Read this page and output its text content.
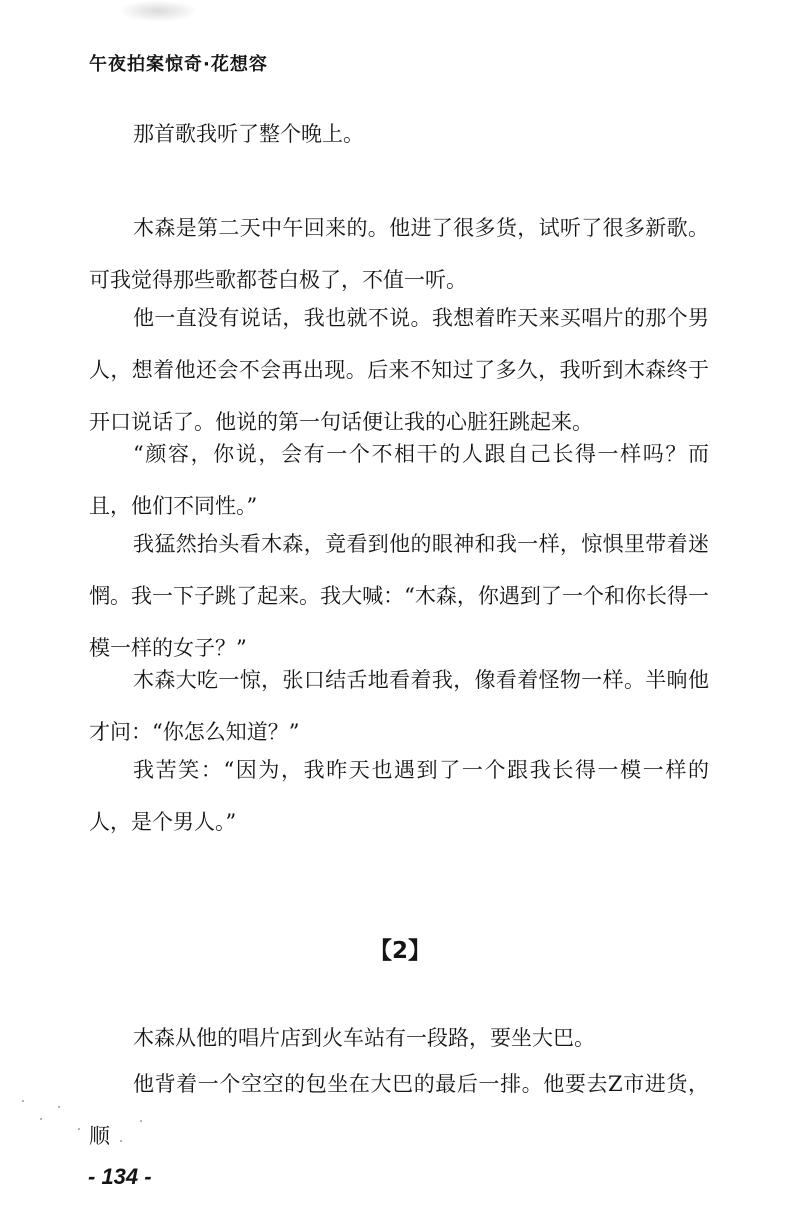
午夜拍案惊奇·花想容

那首歌我听了整个晚上。

木森是第二天中午回来的。他进了很多货，试听了很多新歌。可我觉得那些歌都苍白极了，不值一听。

他一直没有说话，我也就不说。我想着昨天来买唱片的那个男人，想着他还会不会再出现。后来不知过了多久，我听到木森终于开口说话了。他说的第一句话便让我的心脏狂跳起来。

“颜容，你说，会有一个不相干的人跟自己长得一样吗？而且，他们不同性。”

我猛然抬头看木森，竟看到他的眼神和我一样，惊惧里带着迷惘。我一下子跳了起来。我大喊：“木森，你遇到了一个和你长得一模一样的女子？”

木森大吃一惊，张口结舌地看着我，像看着怪物一样。半晌他才问：“你怎么知道？”

我苦笑：“因为，我昨天也遇到了一个跟我长得一模一样的人，是个男人。”

【2】

木森从他的唱片店到火车站有一段路，要坐大巴。

他背着一个空空的包坐在大巴的最后一排。他要去Z市进货，顺

- 134 -
